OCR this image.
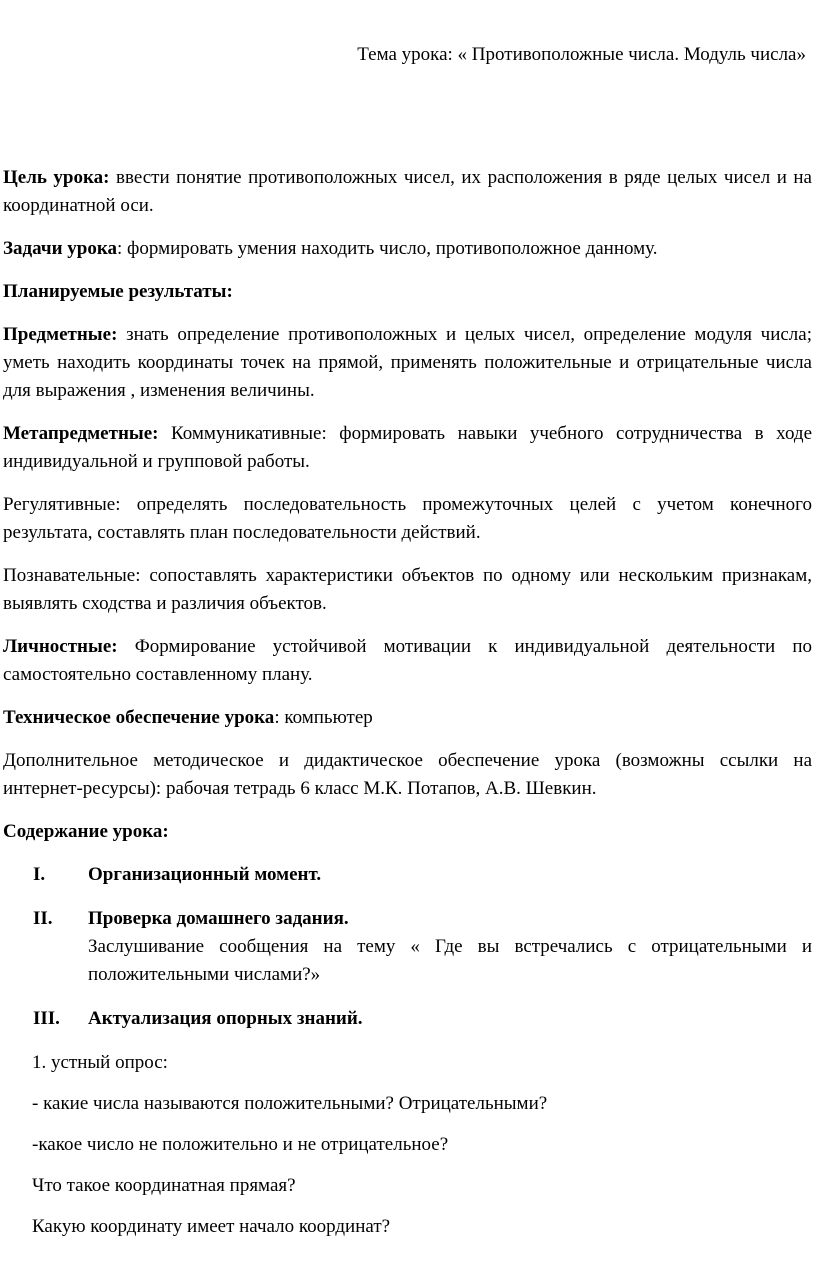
Тема урока: « Противоположные числа. Модуль числа»

Цель урока: ввести понятие противоположных чисел, их расположения в ряде целых чисел и на координатной оси.

Задачи урока: формировать умения находить число, противоположное данному.

Планируемые результаты:

Предметные: знать определение противоположных и целых чисел, определение модуля числа; уметь находить координаты точек на прямой, применять положительные и отрицательные числа для выражения , изменения величины.

Метапредметные: Коммуникативные: формировать навыки учебного сотрудничества в ходе индивидуальной и групповой работы.

Регулятивные: определять последовательность промежуточных целей с учетом конечного результата, составлять план последовательности действий.

Познавательные: сопоставлять характеристики объектов по одному или нескольким признакам, выявлять сходства и различия объектов.

Личностные: Формирование устойчивой мотивации к индивидуальной деятельности по самостоятельно составленному плану.

Техническое обеспечение урока: компьютер

Дополнительное методическое и дидактическое обеспечение урока (возможны ссылки на интернет-ресурсы): рабочая тетрадь 6 класс М.К. Потапов, А.В. Шевкин.

Содержание урока:

I. Организационный момент.
II. Проверка домашнего задания.
Заслушивание сообщения на тему « Где вы встречались с отрицательными и положительными числами?»
III. Актуализация опорных знаний.

1. устный опрос:

- какие числа называются положительными? Отрицательными?

-какое число не положительно и не отрицательное?

Что такое координатная прямая?

Какую координату имеет начало координат?
